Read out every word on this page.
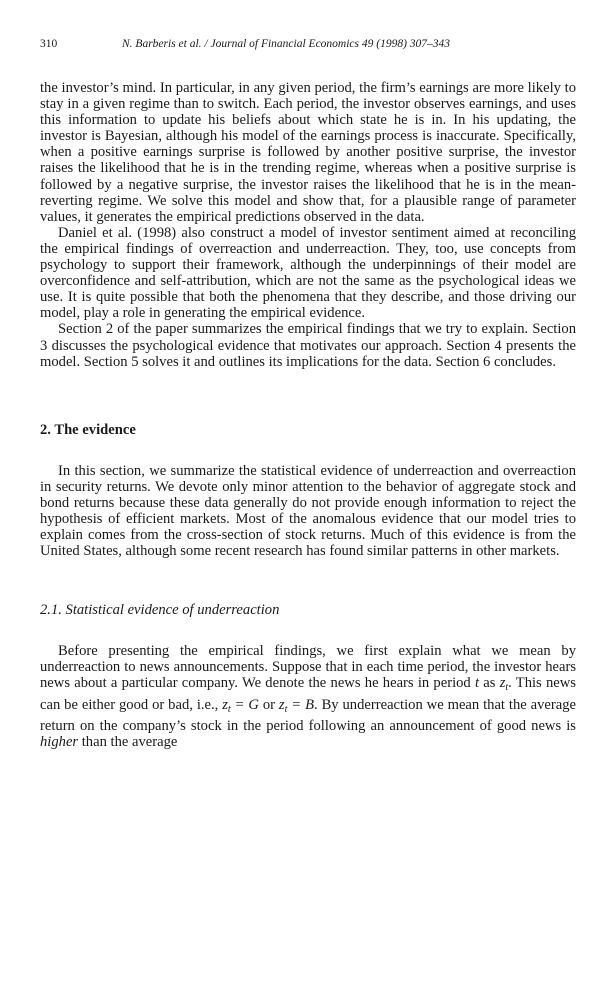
310	N. Barberis et al. / Journal of Financial Economics 49 (1998) 307–343

the investor’s mind. In particular, in any given period, the firm’s earnings are more likely to stay in a given regime than to switch. Each period, the investor observes earnings, and uses this information to update his beliefs about which state he is in. In his updating, the investor is Bayesian, although his model of the earnings process is inaccurate. Specifically, when a positive earnings surprise is followed by another positive surprise, the investor raises the likelihood that he is in the trending regime, whereas when a positive surprise is followed by a negative surprise, the investor raises the likelihood that he is in the mean-reverting regime. We solve this model and show that, for a plausible range of parameter values, it generates the empirical predictions observed in the data.

Daniel et al. (1998) also construct a model of investor sentiment aimed at reconciling the empirical findings of overreaction and underreaction. They, too, use concepts from psychology to support their framework, although the underpinnings of their model are overconfidence and self-attribution, which are not the same as the psychological ideas we use. It is quite possible that both the phenomena that they describe, and those driving our model, play a role in generating the empirical evidence.

Section 2 of the paper summarizes the empirical findings that we try to explain. Section 3 discusses the psychological evidence that motivates our approach. Section 4 presents the model. Section 5 solves it and outlines its implications for the data. Section 6 concludes.

2. The evidence

In this section, we summarize the statistical evidence of underreaction and overreaction in security returns. We devote only minor attention to the behavior of aggregate stock and bond returns because these data generally do not provide enough information to reject the hypothesis of efficient markets. Most of the anomalous evidence that our model tries to explain comes from the cross-section of stock returns. Much of this evidence is from the United States, although some recent research has found similar patterns in other markets.

2.1. Statistical evidence of underreaction

Before presenting the empirical findings, we first explain what we mean by underreaction to news announcements. Suppose that in each time period, the investor hears news about a particular company. We denote the news he hears in period t as $z_t$. This news can be either good or bad, i.e., $z_t = G$ or $z_t = B$. By underreaction we mean that the average return on the company’s stock in the period following an announcement of good news is higher than the average
